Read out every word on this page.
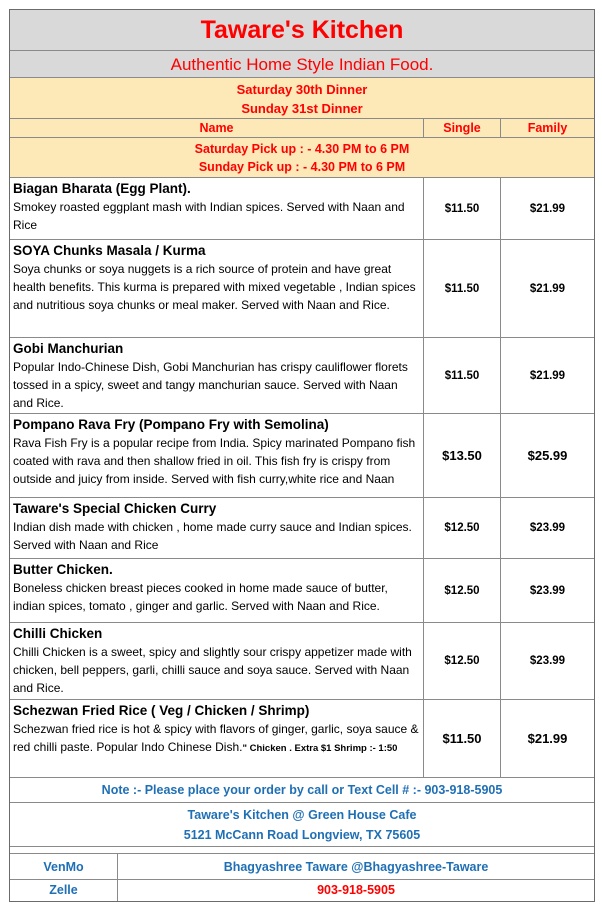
Taware's Kitchen
Authentic Home Style Indian Food.
Saturday 30th Dinner
Sunday 31st Dinner
Name	Single	Family
Saturday Pick up : - 4.30 PM to 6 PM
Sunday Pick up : - 4.30 PM to 6 PM
Biagan Bharata (Egg Plant).
Smokey roasted eggplant mash with Indian spices. Served with Naan and Rice
$11.50	$21.99
SOYA Chunks Masala / Kurma
Soya chunks or soya nuggets is a rich source of protein and have great health benefits. This kurma is prepared with mixed vegetable , Indian spices and nutritious soya chunks or meal maker. Served with Naan and Rice.
$11.50	$21.99
Gobi Manchurian
Popular Indo-Chinese Dish, Gobi Manchurian has crispy cauliflower florets tossed in a spicy, sweet and tangy manchurian sauce. Served with Naan and Rice.
$11.50	$21.99
Pompano Rava Fry (Pompano Fry with Semolina)
Rava Fish Fry is a popular recipe from India. Spicy marinated Pompano fish coated with rava and then shallow fried in oil. This fish fry is crispy from outside and juicy from inside. Served with fish curry,white rice and Naan
$13.50	$25.99
Taware's Special Chicken Curry
Indian dish made with chicken , home made curry sauce and Indian spices. Served with Naan and Rice
$12.50	$23.99
Butter Chicken.
Boneless chicken breast pieces cooked in home made sauce of butter, indian spices, tomato , ginger and garlic. Served with Naan and Rice.
$12.50	$23.99
Chilli Chicken
Chilli Chicken is a sweet, spicy and slightly sour crispy appetizer made with chicken, bell peppers, garli, chilli sauce and soya sauce. Served with Naan and Rice.
$12.50	$23.99
Schezwan Fried Rice ( Veg / Chicken / Shrimp)
Schezwan fried rice is hot & spicy with flavors of ginger, garlic, soya sauce & red chilli paste. Popular Indo Chinese Dish." Chicken . Extra $1 Shrimp :- 1:50
$11.50	$21.99
Note :- Please place your order by call or Text Cell # :- 903-918-5905
Taware's Kitchen @ Green House Cafe
5121 McCann Road Longview, TX 75605
VenMo	Bhagyashree Taware @Bhagyashree-Taware
Zelle	903-918-5905
